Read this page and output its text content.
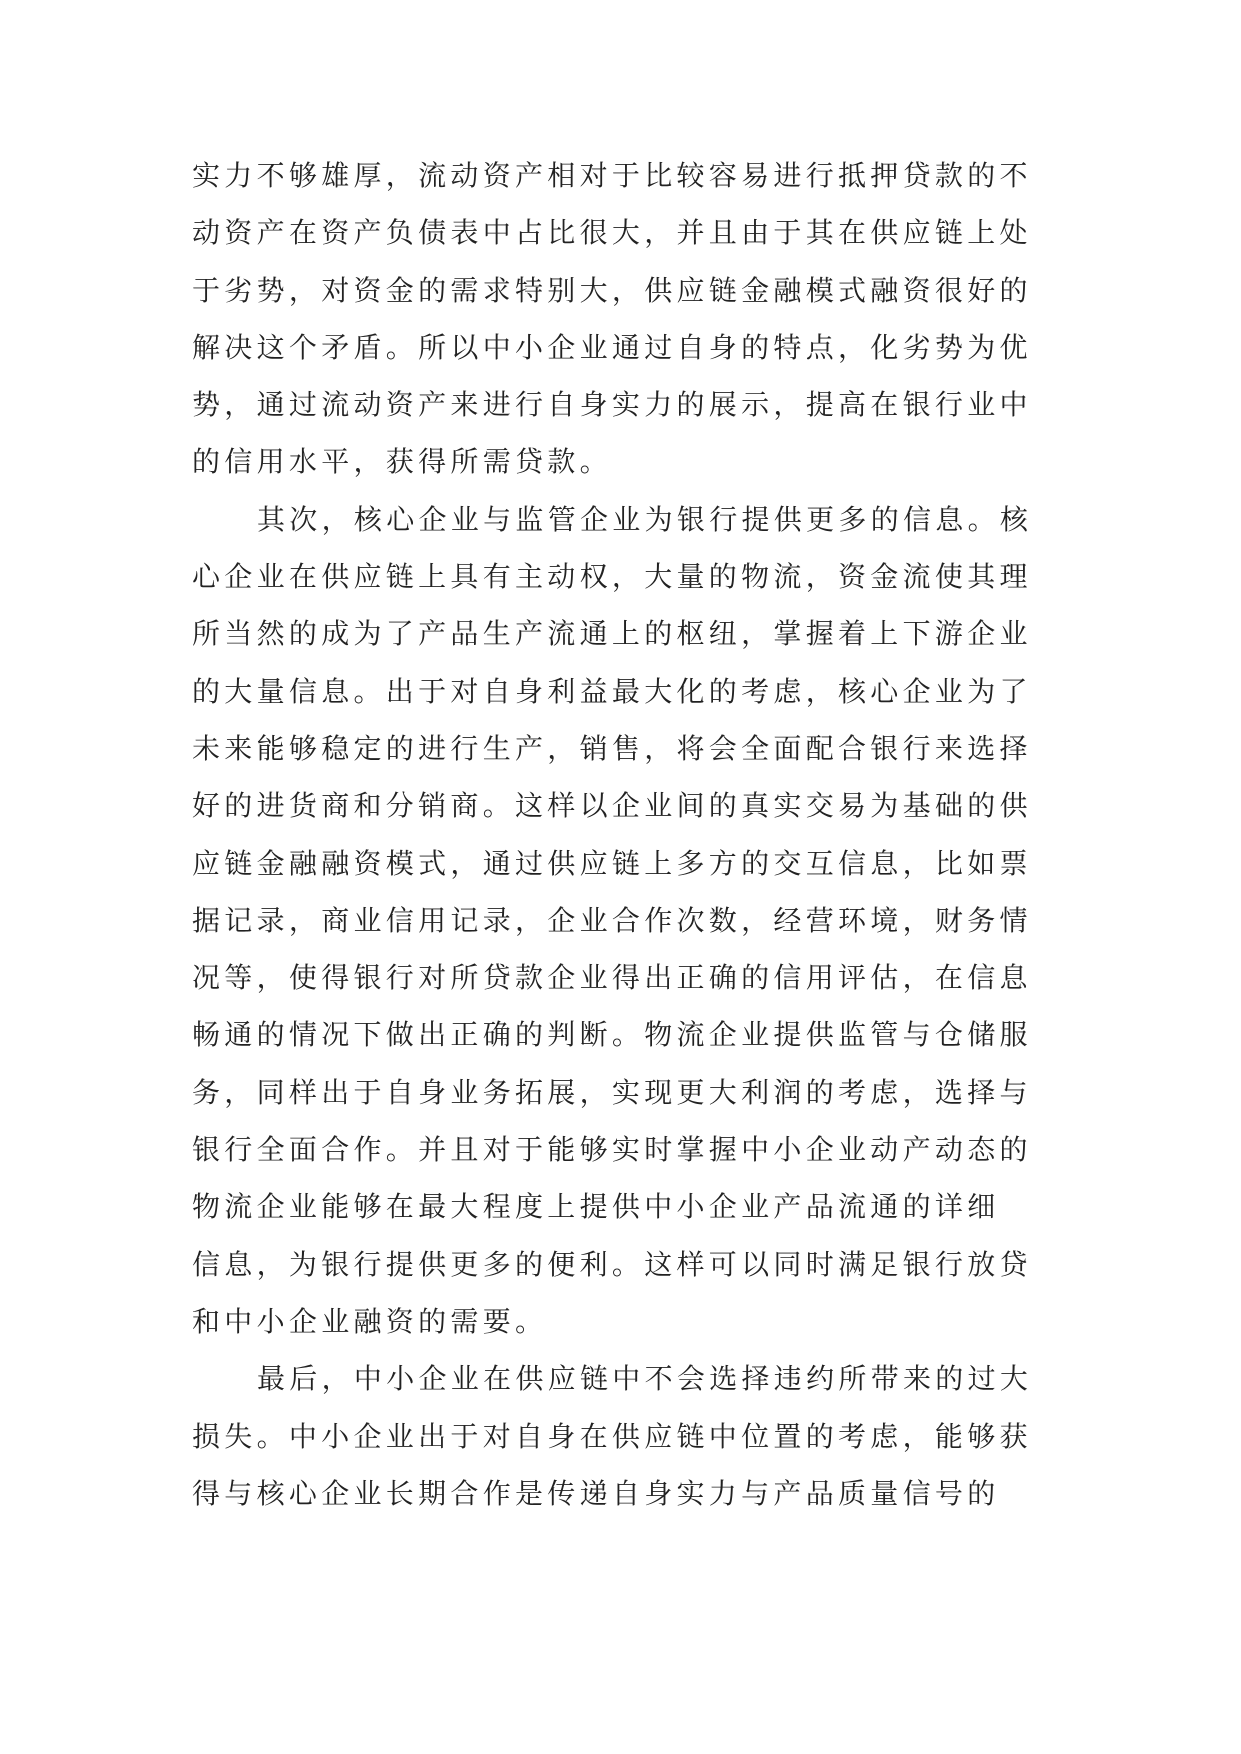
实力不够雄厚，流动资产相对于比较容易进行抵押贷款的不
动资产在资产负债表中占比很大，并且由于其在供应链上处
于劣势，对资金的需求特别大，供应链金融模式融资很好的
解决这个矛盾。所以中小企业通过自身的特点，化劣势为优
势，通过流动资产来进行自身实力的展示，提高在银行业中
的信用水平，获得所需贷款。
其次，核心企业与监管企业为银行提供更多的信息。核
心企业在供应链上具有主动权，大量的物流，资金流使其理
所当然的成为了产品生产流通上的枢纽，掌握着上下游企业
的大量信息。出于对自身利益最大化的考虑，核心企业为了
未来能够稳定的进行生产，销售，将会全面配合银行来选择
好的进货商和分销商。这样以企业间的真实交易为基础的供
应链金融融资模式，通过供应链上多方的交互信息，比如票
据记录，商业信用记录，企业合作次数，经营环境，财务情
况等，使得银行对所贷款企业得出正确的信用评估，在信息
畅通的情况下做出正确的判断。物流企业提供监管与仓储服
务，同样出于自身业务拓展，实现更大利润的考虑，选择与
银行全面合作。并且对于能够实时掌握中小企业动产动态的
物流企业能够在最大程度上提供中小企业产品流通的详细
信息，为银行提供更多的便利。这样可以同时满足银行放贷
和中小企业融资的需要。
最后，中小企业在供应链中不会选择违约所带来的过大
损失。中小企业出于对自身在供应链中位置的考虑，能够获
得与核心企业长期合作是传递自身实力与产品质量信号的
